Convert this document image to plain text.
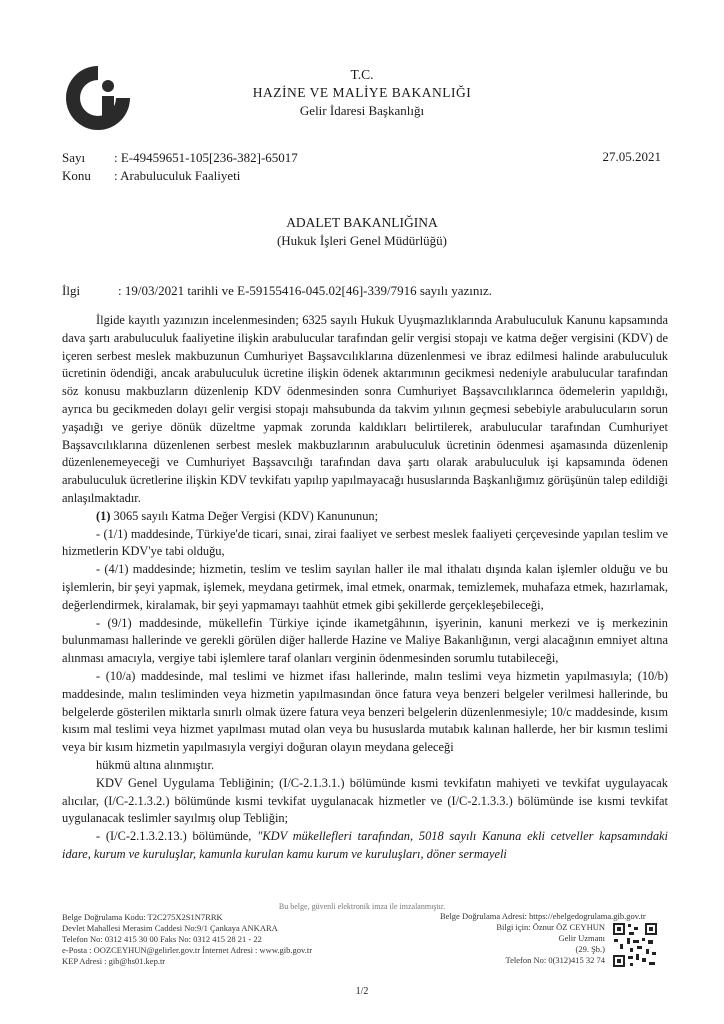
T.C.
HAZİNE VE MALİYE BAKANLIĞI
Gelir İdaresi Başkanlığı
Sayı : E-49459651-105[236-382]-65017
Konu : Arabuluculuk Faaliyeti
27.05.2021
ADALET BAKANLIĞINA
(Hukuk İşleri Genel Müdürlüğü)
İlgi	: 19/03/2021 tarihli ve E-59155416-045.02[46]-339/7916 sayılı yazınız.

İlgide kayıtlı yazınızın incelenmesinden; 6325 sayılı Hukuk Uyuşmazlıklarında Arabuluculuk Kanunu kapsamında dava şartı arabuluculuk faaliyetine ilişkin arabulucular tarafından gelir vergisi stopajı ve katma değer vergisini (KDV) de içeren serbest meslek makbuzunun Cumhuriyet Başsavcılıklarına düzenlenmesi ve ibraz edilmesi halinde arabuluculuk ücretinin ödendiği, ancak arabuluculuk ücretine ilişkin ödenek aktarımının gecikmesi nedeniyle arabulucular tarafından söz konusu makbuzların düzenlenip KDV ödenmesinden sonra Cumhuriyet Başsavcılıklarınca ödemelerin yapıldığı, ayrıca bu gecikmeden dolayı gelir vergisi stopajı mahsubunda da takvim yılının geçmesi sebebiyle arabulucuların sorun yaşadığı ve geriye dönük düzeltme yapmak zorunda kaldıkları belirtilerek, arabulucular tarafından Cumhuriyet Başsavcılıklarına düzenlenen serbest meslek makbuzlarının arabuluculuk ücretinin ödenmesi aşamasında düzenlenip düzenlenemeyeceği ve Cumhuriyet Başsavcılığı tarafından dava şartı olarak arabuluculuk işi kapsamında ödenen arabuluculuk ücretlerine ilişkin KDV tevkifatı yapılıp yapılmayacağı hususlarında Başkanlığımız görüşünün talep edildiği anlaşılmaktadır.

(1) 3065 sayılı Katma Değer Vergisi (KDV) Kanununun;

- (1/1) maddesinde, Türkiye'de ticari, sınai, zirai faaliyet ve serbest meslek faaliyeti çerçevesinde yapılan teslim ve hizmetlerin KDV'ye tabi olduğu,

- (4/1) maddesinde; hizmetin, teslim ve teslim sayılan haller ile mal ithalatı dışında kalan işlemler olduğu ve bu işlemlerin, bir şeyi yapmak, işlemek, meydana getirmek, imal etmek, onarmak, temizlemek, muhafaza etmek, hazırlamak, değerlendirmek, kiralamak, bir şeyi yapmamayı taahhüt etmek gibi şekillerde gerçekleşebileceği,

- (9/1) maddesinde, mükellefin Türkiye içinde ikametgâhının, işyerinin, kanuni merkezi ve iş merkezinin bulunmaması hallerinde ve gerekli görülen diğer hallerde Hazine ve Maliye Bakanlığının, vergi alacağının emniyet altına alınması amacıyla, vergiye tabi işlemlere taraf olanları verginin ödenmesinden sorumlu tutabileceği,

- (10/a) maddesinde, mal teslimi ve hizmet ifası hallerinde, malın teslimi veya hizmetin yapılmasıyla; (10/b) maddesinde, malın tesliminden veya hizmetin yapılmasından önce fatura veya benzeri belgeler verilmesi hallerinde, bu belgelerde gösterilen miktarla sınırlı olmak üzere fatura veya benzeri belgelerin düzenlenmesiyle; 10/c maddesinde, kısım kısım mal teslimi veya hizmet yapılması mutad olan veya bu hususlarda mutabık kalınan hallerde, her bir kısmın teslimi veya bir kısım hizmetin yapılmasıyla vergiyi doğuran olayın meydana geleceği

hükmü altına alınmıştır.

KDV Genel Uygulama Tebliğinin; (I/C-2.1.3.1.) bölümünde kısmi tevkifatın mahiyeti ve tevkifat uygulayacak alıcılar, (I/C-2.1.3.2.) bölümünde kısmi tevkifat uygulanacak hizmetler ve (I/C-2.1.3.3.) bölümünde ise kısmi tevkifat uygulanacak teslimler sayılmış olup Tebliğin;

- (I/C-2.1.3.2.13.) bölümünde, "KDV mükellefleri tarafından, 5018 sayılı Kanuna ekli cetveller kapsamındaki idare, kurum ve kuruluşlar, kamunla kurulan kamu kurum ve kuruluşları, döner sermayeli

Bu belge, güvenli elektronik imza ile imzalanmıştır.
Belge Doğrulama Kodu: T2C275X2S1N7RRK
Devlet Mahallesi Merasim Caddesi No:9/1 Çankaya ANKARA
Telefon No: 0312 415 30 00 Faks No: 0312 415 28 21 - 22
e-Posta : OOZCEYHUN@gelirler.gov.tr İnternet Adresi : www.gib.gov.tr
KEP Adresi : gib@hs01.kep.tr
Belge Doğrulama Adresi: https://ebelgedogrulama.gib.gov.tr
Bilgi için: Öznur ÖZ CEYHUN
Gelir Uzmanı
(29. Şb.)
Telefon No: 0(312)415 32 74
1/2
